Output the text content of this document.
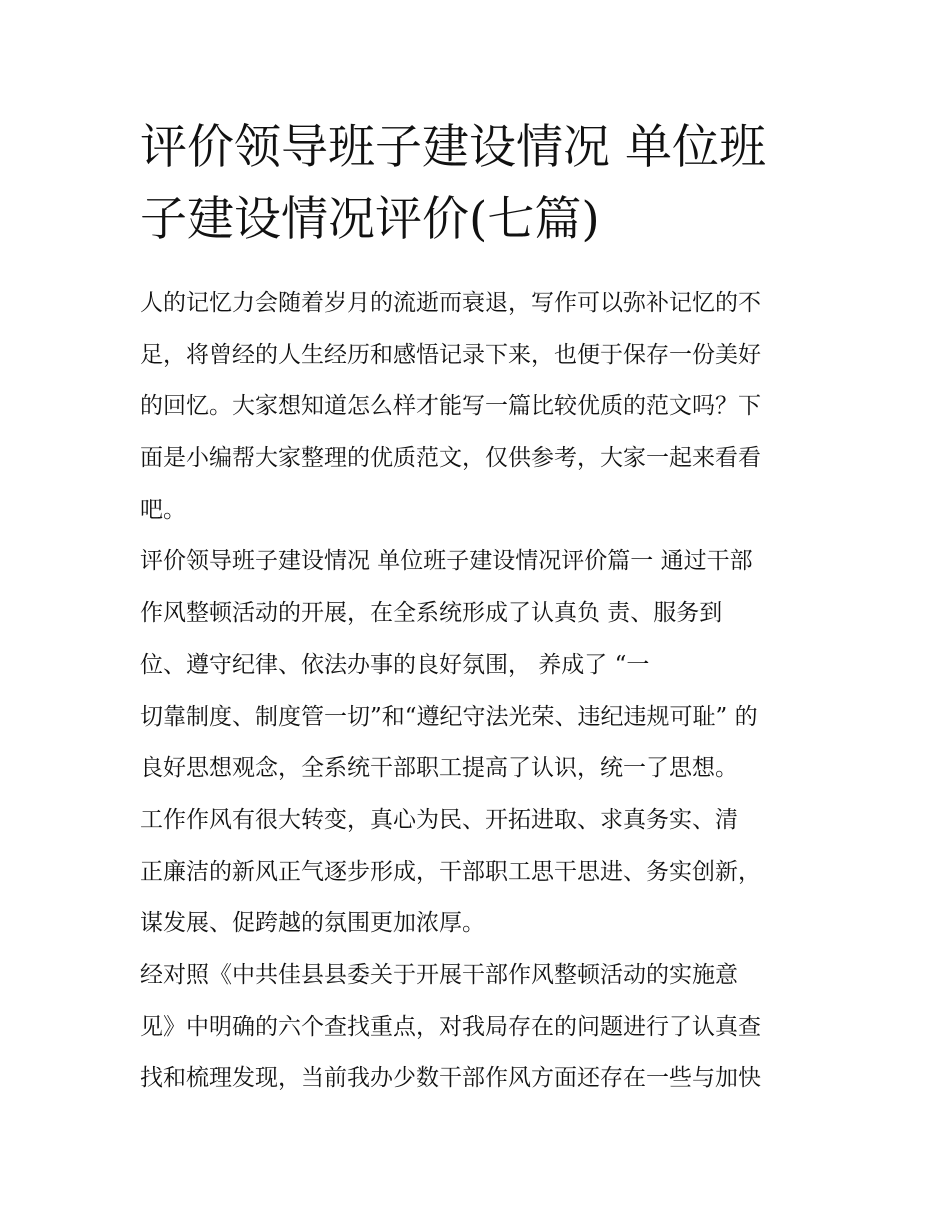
评价领导班子建设情况 单位班
子建设情况评价(七篇)
人的记忆力会随着岁月的流逝而衰退，写作可以弥补记忆的不
足，将曾经的人生经历和感悟记录下来，也便于保存一份美好
的回忆。大家想知道怎么样才能写一篇比较优质的范文吗？下
面是小编帮大家整理的优质范文，仅供参考，大家一起来看看
吧。
评价领导班子建设情况 单位班子建设情况评价篇一 通过干部
作风整顿活动的开展，在全系统形成了认真负 责、服务到
位、遵守纪律、依法办事的良好氛围， 养成了 “一
切靠制度、制度管一切”和“遵纪守法光荣、违纪违规可耻” 的
良好思想观念，全系统干部职工提高了认识，统一了思想。
工作作风有很大转变，真心为民、开拓进取、求真务实、清
正廉洁的新风正气逐步形成，干部职工思干思进、务实创新，
谋发展、促跨越的氛围更加浓厚。
经对照《中共佳县县委关于开展干部作风整顿活动的实施意
见》中明确的六个查找重点，对我局存在的问题进行了认真查
找和梳理发现，当前我办少数干部作风方面还存在一些与加快
